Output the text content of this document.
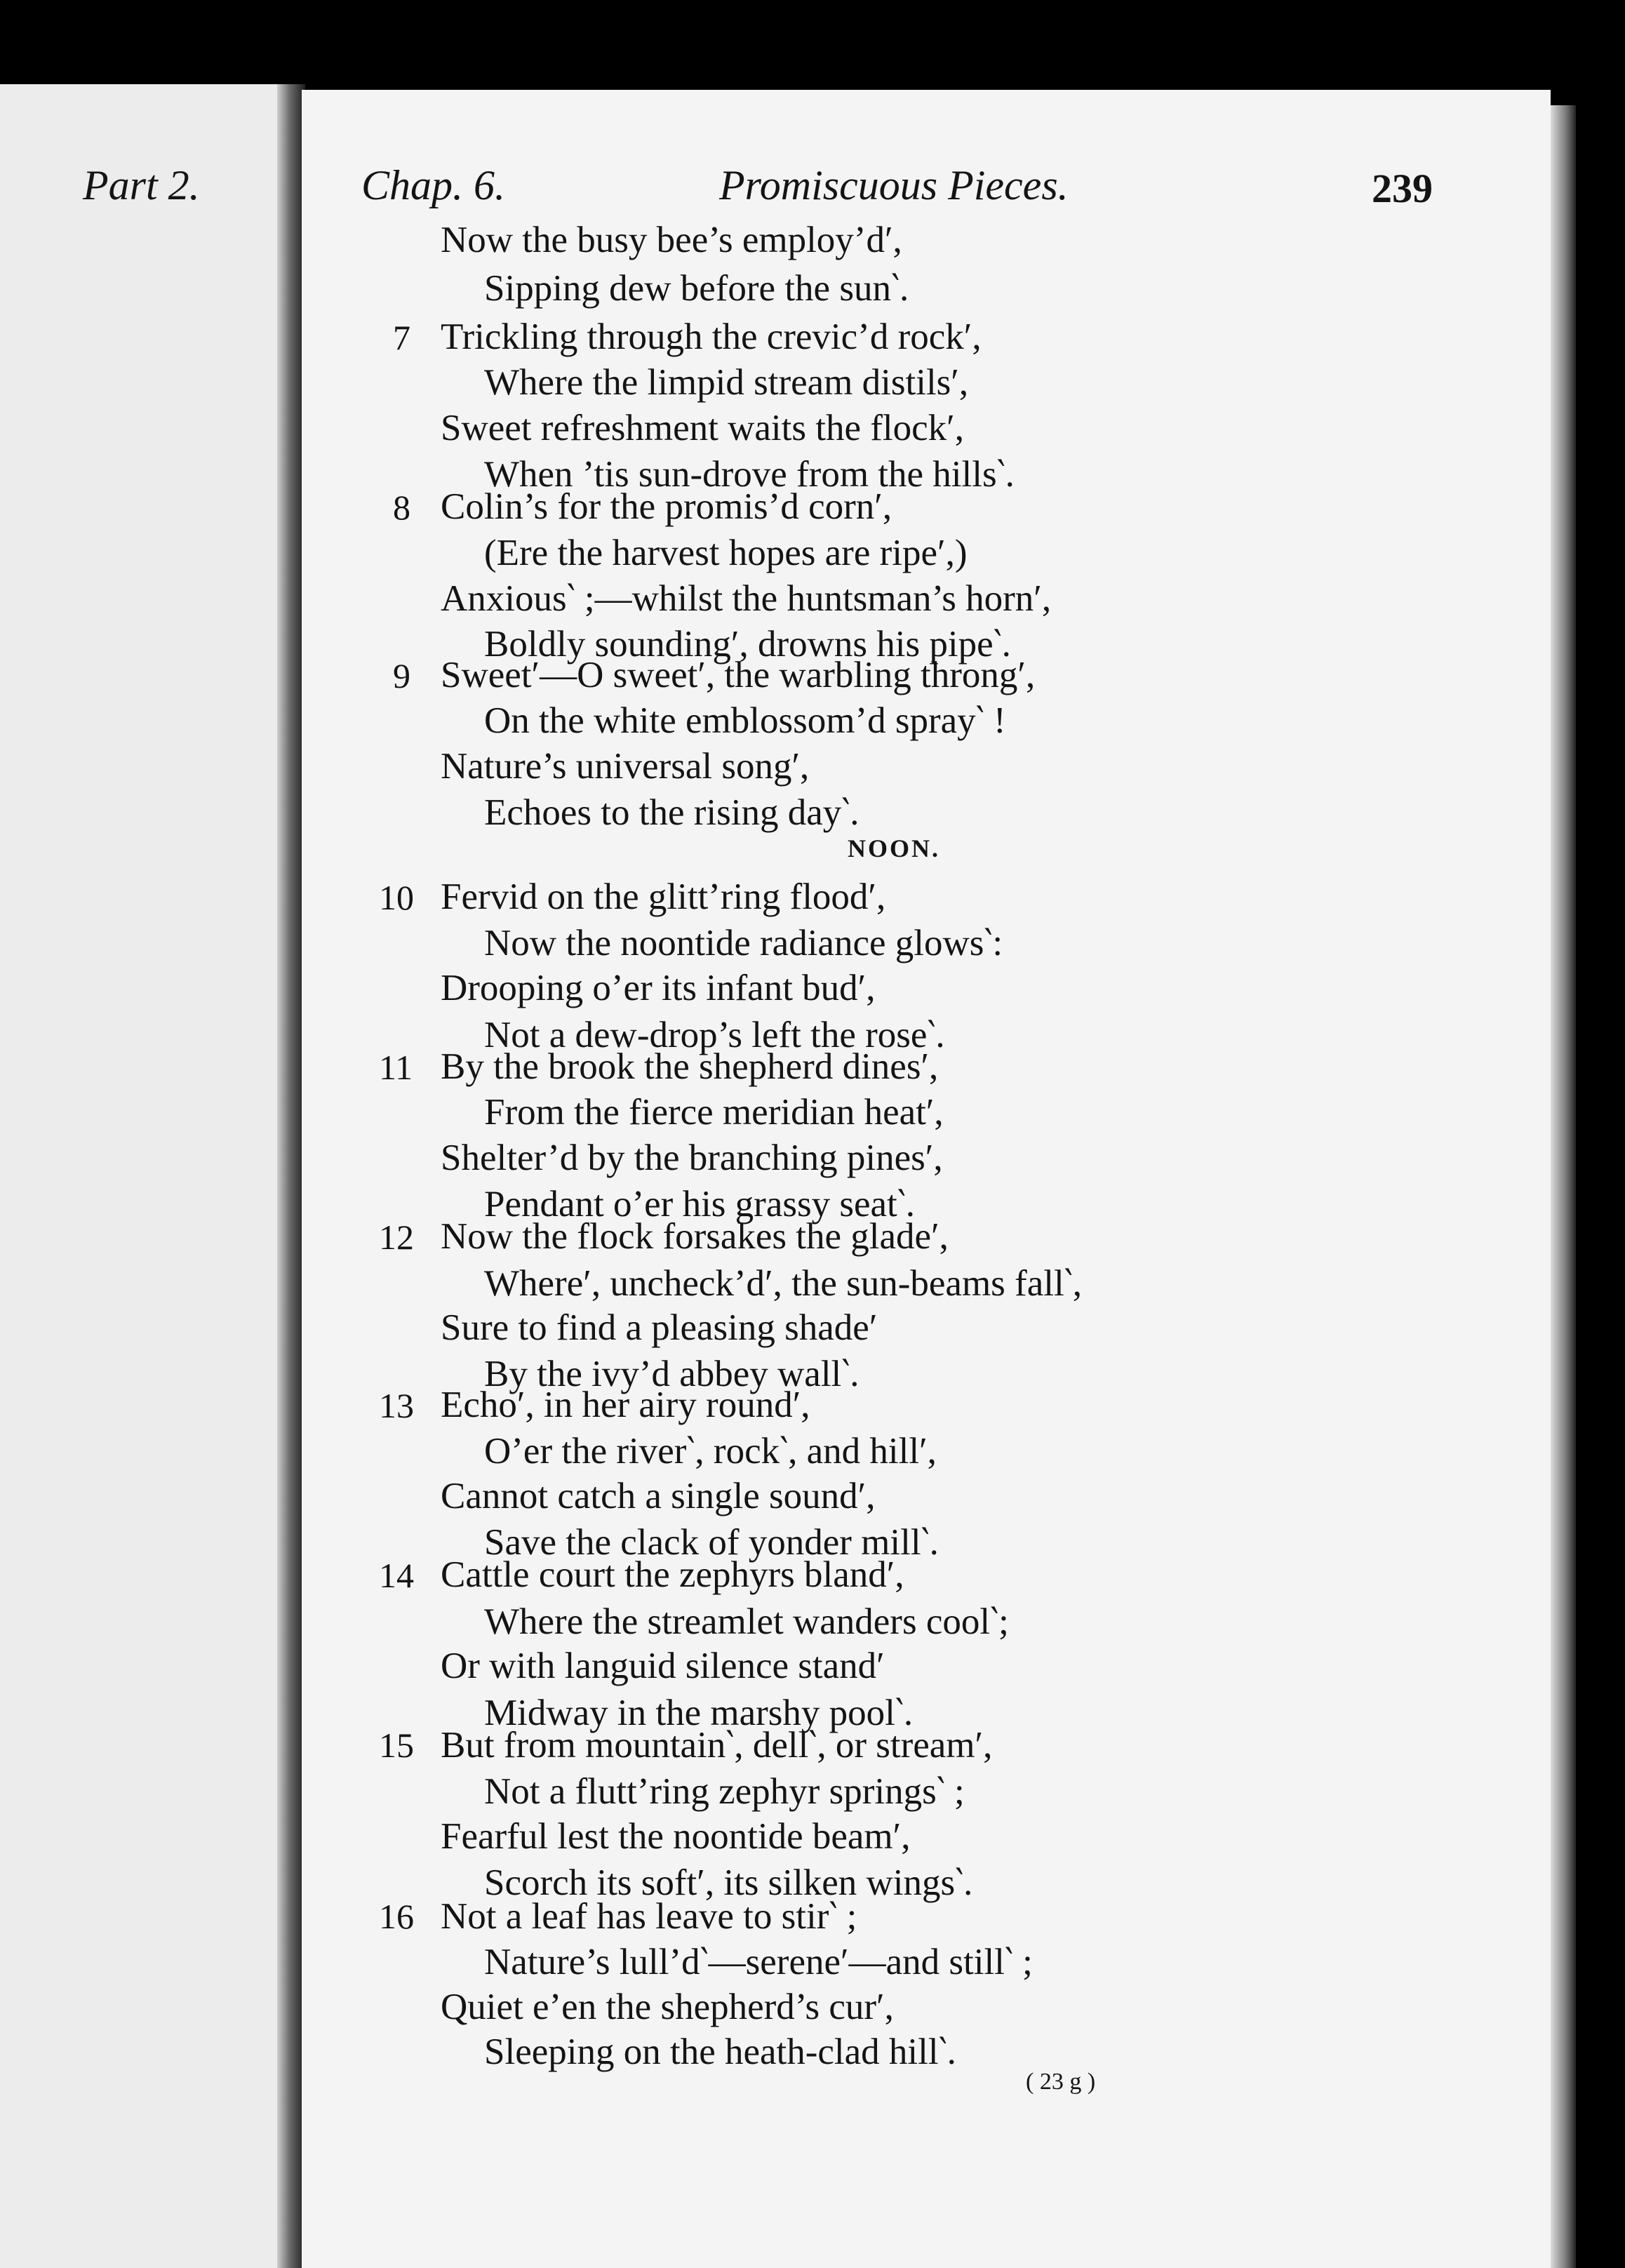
Part 2.	Chap. 6.	Promiscuous Pieces.	239

NOON.

Now the busy bee’s employ’d′,

Sipping dew before the sun‵.

Trickling through the crevic’d rock′,

Where the limpid stream distils′,

Sweet refreshment waits the flock′,

When ’tis sun-drove from the hills‵.

7

Colin’s for the promis’d corn′,

(Ere the harvest hopes are ripe′,)

Anxious‵ ;—whilst the huntsman’s horn′,

Boldly sounding′, drowns his pipe‵.

8

Sweet′—O sweet′, the warbling throng′,

On the white emblossom’d spray‵ !

Nature’s universal song′,

Echoes to the rising day‵.

9

Fervid on the glitt’ring flood′,

Now the noontide radiance glows‵:

Drooping o’er its infant bud′,

Not a dew-drop’s left the rose‵.

10

By the brook the shepherd dines′,

From the fierce meridian heat′,

Shelter’d by the branching pines′,

Pendant o’er his grassy seat‵.

11

Now the flock forsakes the glade′,

Where′, uncheck’d′, the sun-beams fall‵,

Sure to find a pleasing shade′

By the ivy’d abbey wall‵.

12

Echo′, in her airy round′,

O’er the river‵, rock‵, and hill′,

Cannot catch a single sound′,

Save the clack of yonder mill‵.

13

Cattle court the zephyrs bland′,

Where the streamlet wanders cool‵;

Or with languid silence stand′

Midway in the marshy pool‵.

14

But from mountain‵, dell‵, or stream′,

Not a flutt’ring zephyr springs‵ ;

Fearful lest the noontide beam′,

Scorch its soft′, its silken wings‵.

15

Not a leaf has leave to stir‵ ;

Nature’s lull’d‵—serene′—and still‵ ;

Quiet e’en the shepherd’s cur′,

Sleeping on the heath-clad hill‵.

16

( 23 g )
